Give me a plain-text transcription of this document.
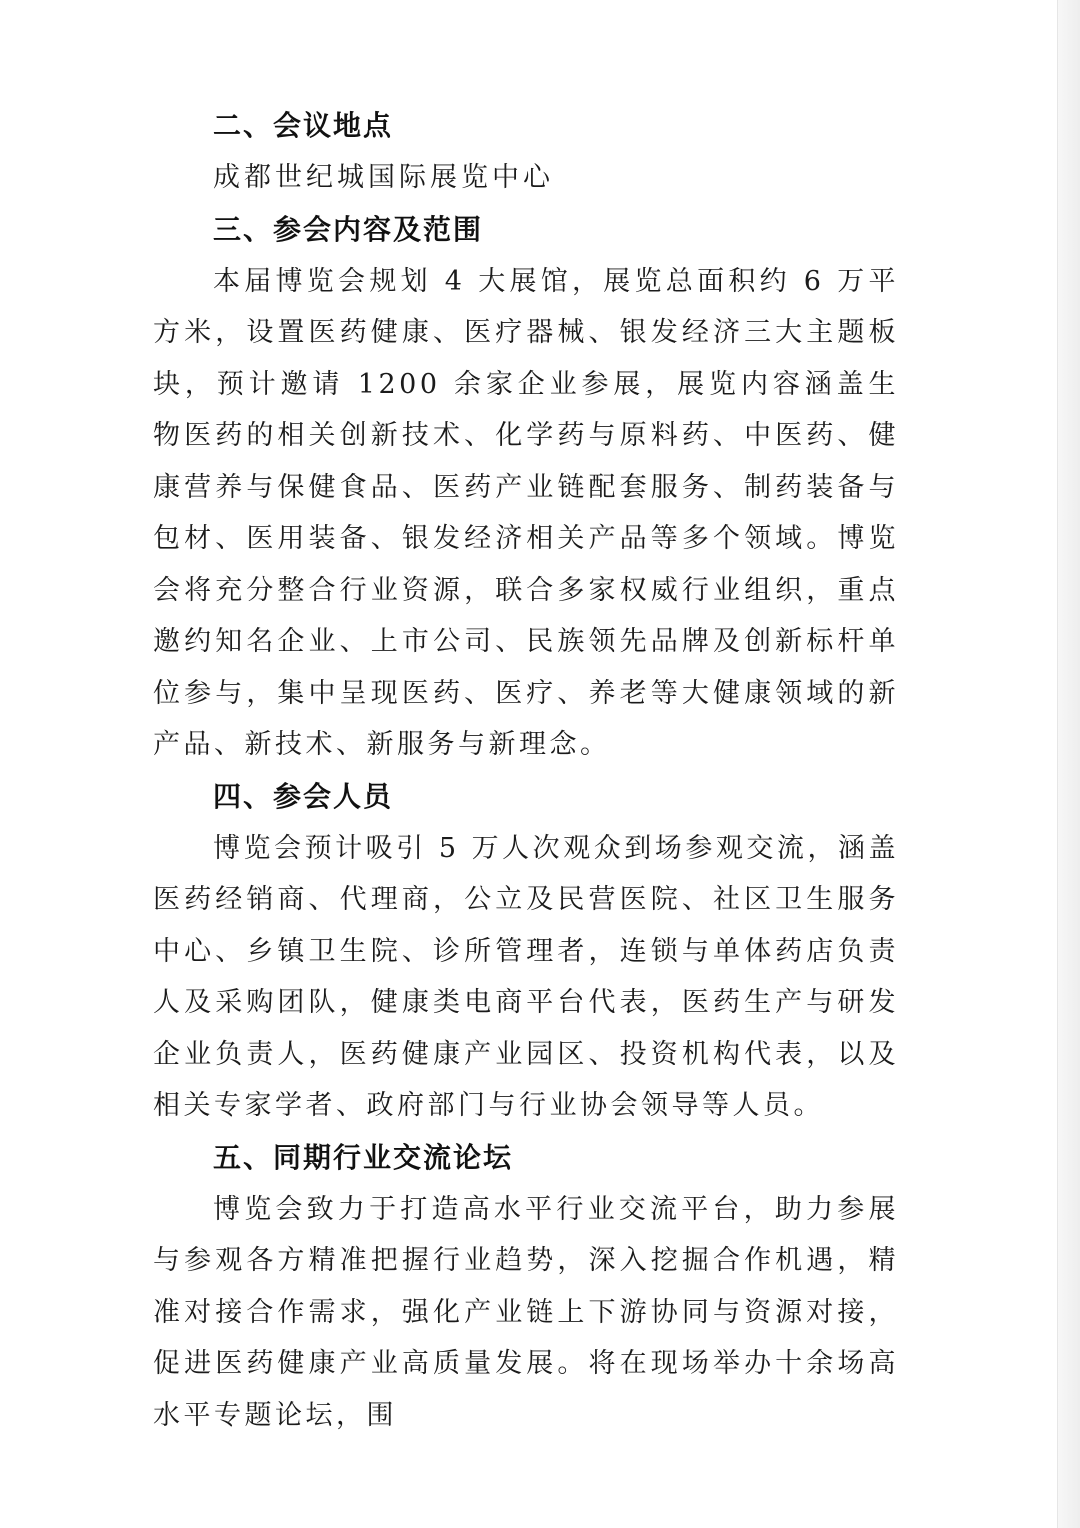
二、会议地点

成都世纪城国际展览中心

三、参会内容及范围

本届博览会规划 4 大展馆，展览总面积约 6 万平方米，设置医药健康、医疗器械、银发经济三大主题板块，预计邀请 1200 余家企业参展，展览内容涵盖生物医药的相关创新技术、化学药与原料药、中医药、健康营养与保健食品、医药产业链配套服务、制药装备与包材、医用装备、银发经济相关产品等多个领域。博览会将充分整合行业资源，联合多家权威行业组织，重点邀约知名企业、上市公司、民族领先品牌及创新标杆单位参与，集中呈现医药、医疗、养老等大健康领域的新产品、新技术、新服务与新理念。

四、参会人员

博览会预计吸引 5 万人次观众到场参观交流，涵盖医药经销商、代理商，公立及民营医院、社区卫生服务中心、乡镇卫生院、诊所管理者，连锁与单体药店负责人及采购团队，健康类电商平台代表，医药生产与研发企业负责人，医药健康产业园区、投资机构代表，以及相关专家学者、政府部门与行业协会领导等人员。

五、同期行业交流论坛

博览会致力于打造高水平行业交流平台，助力参展与参观各方精准把握行业趋势，深入挖掘合作机遇，精准对接合作需求，强化产业链上下游协同与资源对接，促进医药健康产业高质量发展。将在现场举办十余场高水平专题论坛，围
